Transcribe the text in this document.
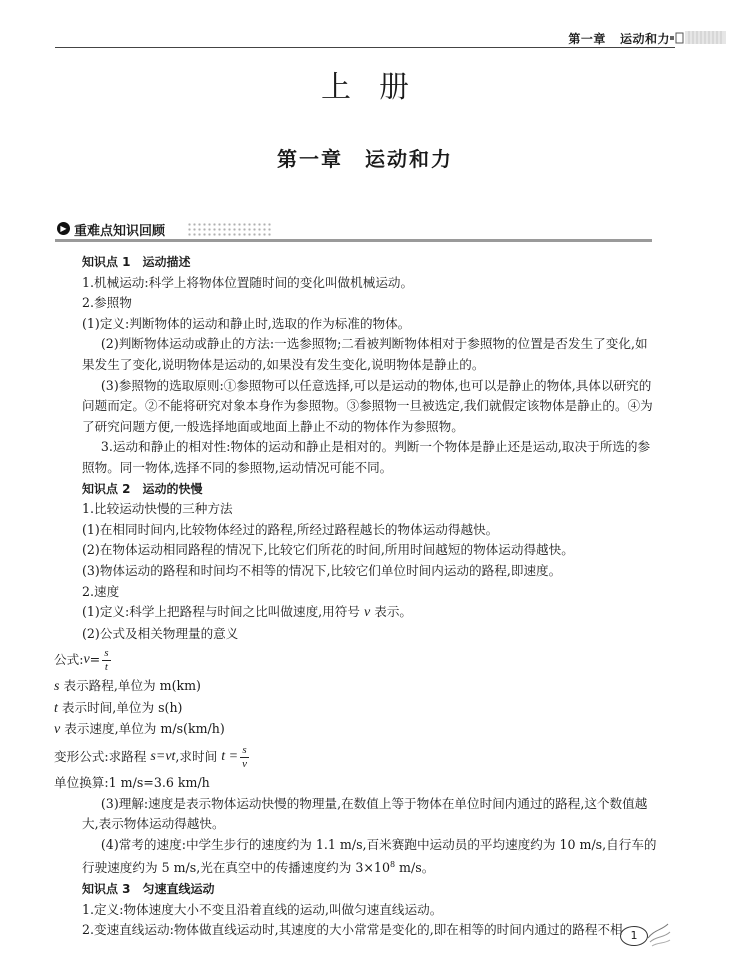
第一章 运动和力
上册
第一章　运动和力
▶ 重难点知识回顾

知识点 1　运动描述

1.机械运动:科学上将物体位置随时间的变化叫做机械运动。

2.参照物

(1)定义:判断物体的运动和静止时,选取的作为标准的物体。

(2)判断物体运动或静止的方法:一选参照物;二看被判断物体相对于参照物的位置是否发生了变化,如果发生了变化,说明物体是运动的,如果没有发生变化,说明物体是静止的。

(3)参照物的选取原则:①参照物可以任意选择,可以是运动的物体,也可以是静止的物体,具体以研究的问题而定。②不能将研究对象本身作为参照物。③参照物一旦被选定,我们就假定该物体是静止的。④为了研究问题方便,一般选择地面或地面上静止不动的物体作为参照物。

3.运动和静止的相对性:物体的运动和静止是相对的。判断一个物体是静止还是运动,取决于所选的参照物。同一物体,选择不同的参照物,运动情况可能不同。

知识点 2　运动的快慢

1.比较运动快慢的三种方法

(1)在相同时间内,比较物体经过的路程,所经过路程越长的物体运动得越快。

(2)在物体运动相同路程的情况下,比较它们所花的时间,所用时间越短的物体运动得越快。

(3)物体运动的路程和时间均不相等的情况下,比较它们单位时间内运动的路程,即速度。

2.速度

(1)定义:科学上把路程与时间之比叫做速度,用符号 v 表示。

(2)公式及相关物理量的意义

公式: $v = \frac{s}{t}$

s 表示路程,单位为 m(km)

t 表示时间,单位为 s(h)

v 表示速度,单位为 m/s(km/h)

变形公式:求路程
s=vt ,求时间
$t = \frac{s}{v}$

单位换算:1 m/s=3.6 km/h

(3)理解:速度是表示物体运动快慢的物理量,在数值上等于物体在单位时间内通过的路程,这个数值越大,表示物体运动得越快。

(4)常考的速度:中学生步行的速度约为 1.1 m/s,百米赛跑中运动员的平均速度约为 10 m/s,自行车的行驶速度约为 5 m/s,光在真空中的传播速度约为 $3\times 10^8$ m/s。

知识点 3　匀速直线运动

1.定义:物体速度大小不变且沿着直线的运动,叫做匀速直线运动。

2.变速直线运动:物体做直线运动时,其速度的大小常常是变化的,即在相等的时间内通过的路程不相 1
